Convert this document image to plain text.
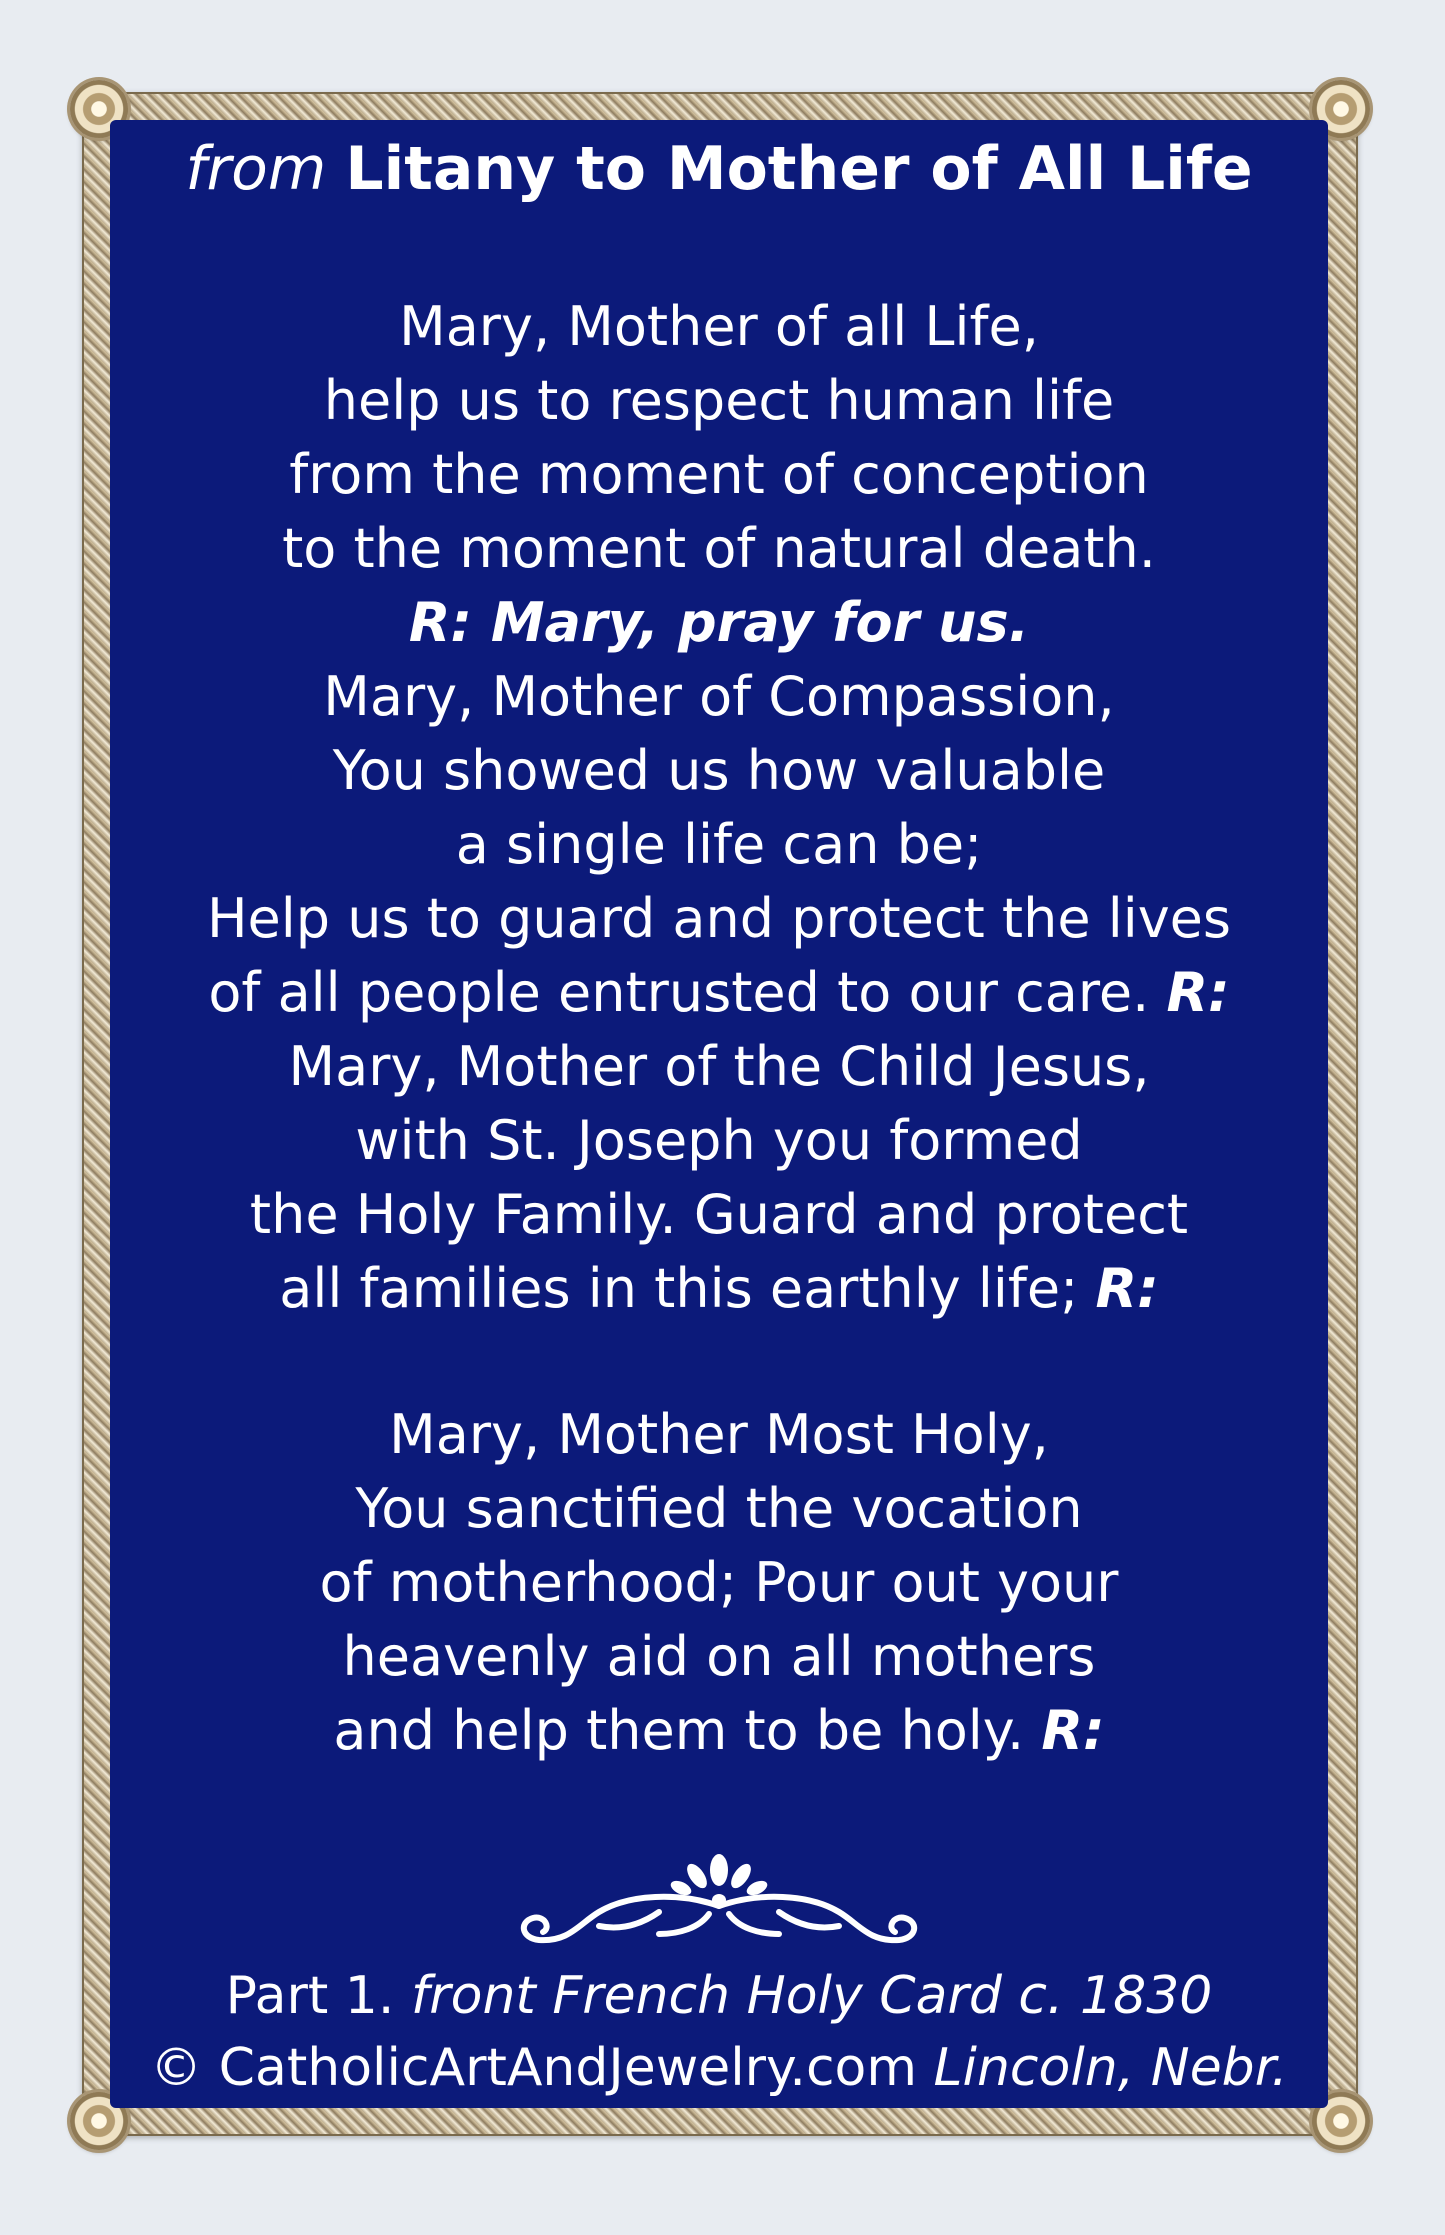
from Litany to Mother of All Life
Mary, Mother of all Life,
help us to respect human life
from the moment of conception
to the moment of natural death.
R: Mary, pray for us.
Mary, Mother of Compassion,
You showed us how valuable
a single life can be;
Help us to guard and protect the lives
of all people entrusted to our care. R:
Mary, Mother of the Child Jesus,
with St. Joseph you formed
the Holy Family. Guard and protect
all families in this earthly life; R:
Mary, Mother Most Holy,
You sanctified the vocation
of motherhood; Pour out your
heavenly aid on all mothers
and help them to be holy. R:
Part 1. front French Holy Card c. 1830
© CatholicArtAndJewelry.com Lincoln, Nebr.
